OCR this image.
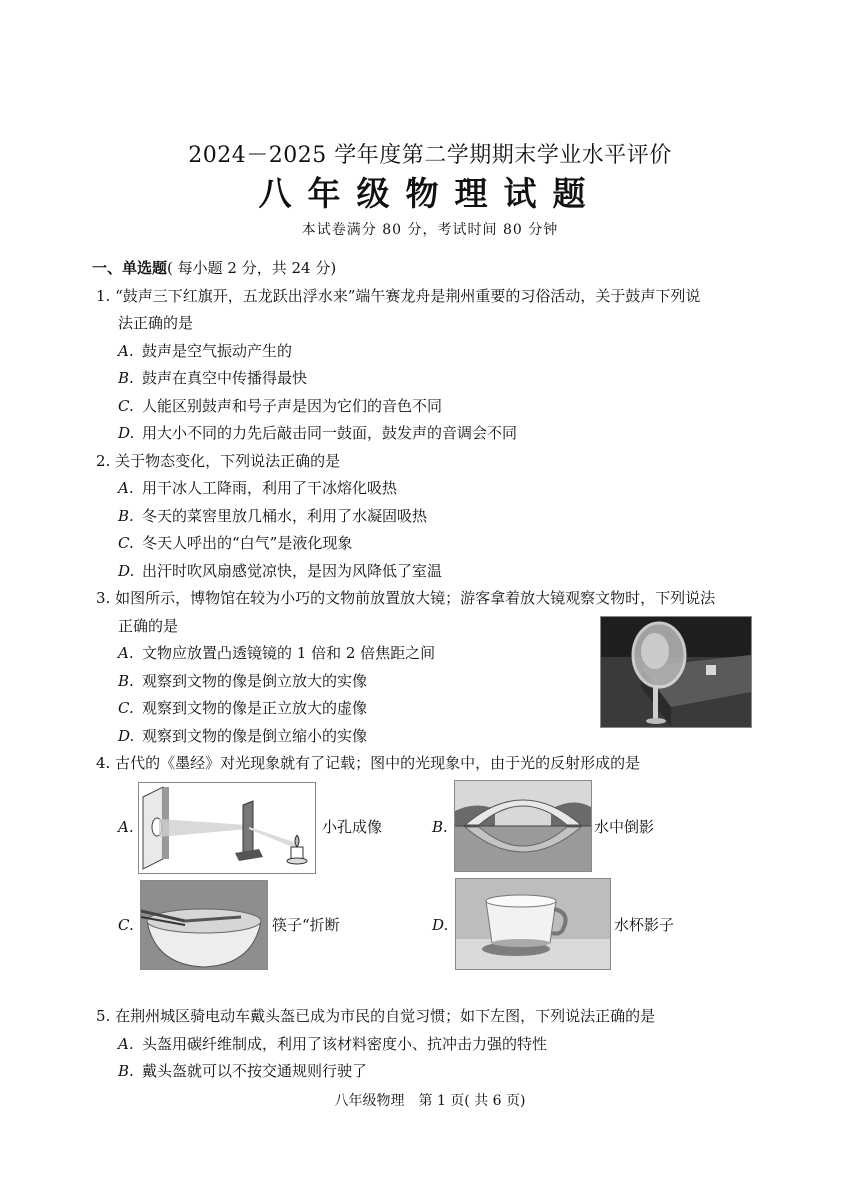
2024－2025 学年度第二学期期末学业水平评价
八年级物理试题
本试卷满分 80 分，考试时间 80 分钟
一、单选题( 每小题 2 分，共 24 分)
1. “鼓声三下红旗开，五龙跃出浮水来”端午赛龙舟是荆州重要的习俗活动，关于鼓声下列说
法正确的是
A. 鼓声是空气振动产生的
B. 鼓声在真空中传播得最快
C. 人能区别鼓声和号子声是因为它们的音色不同
D. 用大小不同的力先后敲击同一鼓面，鼓发声的音调会不同
2. 关于物态变化，下列说法正确的是
A. 用干冰人工降雨，利用了干冰熔化吸热
B. 冬天的菜窖里放几桶水，利用了水凝固吸热
C. 冬天人呼出的“白气”是液化现象
D. 出汗时吹风扇感觉凉快，是因为风降低了室温
3. 如图所示，博物馆在较为小巧的文物前放置放大镜；游客拿着放大镜观察文物时，下列说法
正确的是
A. 文物应放置凸透镜镜的 1 倍和 2 倍焦距之间
B. 观察到文物的像是倒立放大的实像
C. 观察到文物的像是正立放大的虚像
D. 观察到文物的像是倒立缩小的实像
4. 古代的《墨经》对光现象就有了记载；图中的光现象中，由于光的反射形成的是
A.	小孔成像	B.	水中倒影
C.	筷子“折断	D.	水杯影子
5. 在荆州城区骑电动车戴头盔已成为市民的自觉习惯；如下左图，下列说法正确的是
A. 头盔用碳纤维制成，利用了该材料密度小、抗冲击力强的特性
B. 戴头盔就可以不按交通规则行驶了
八年级物理　第 1 页( 共 6 页)
